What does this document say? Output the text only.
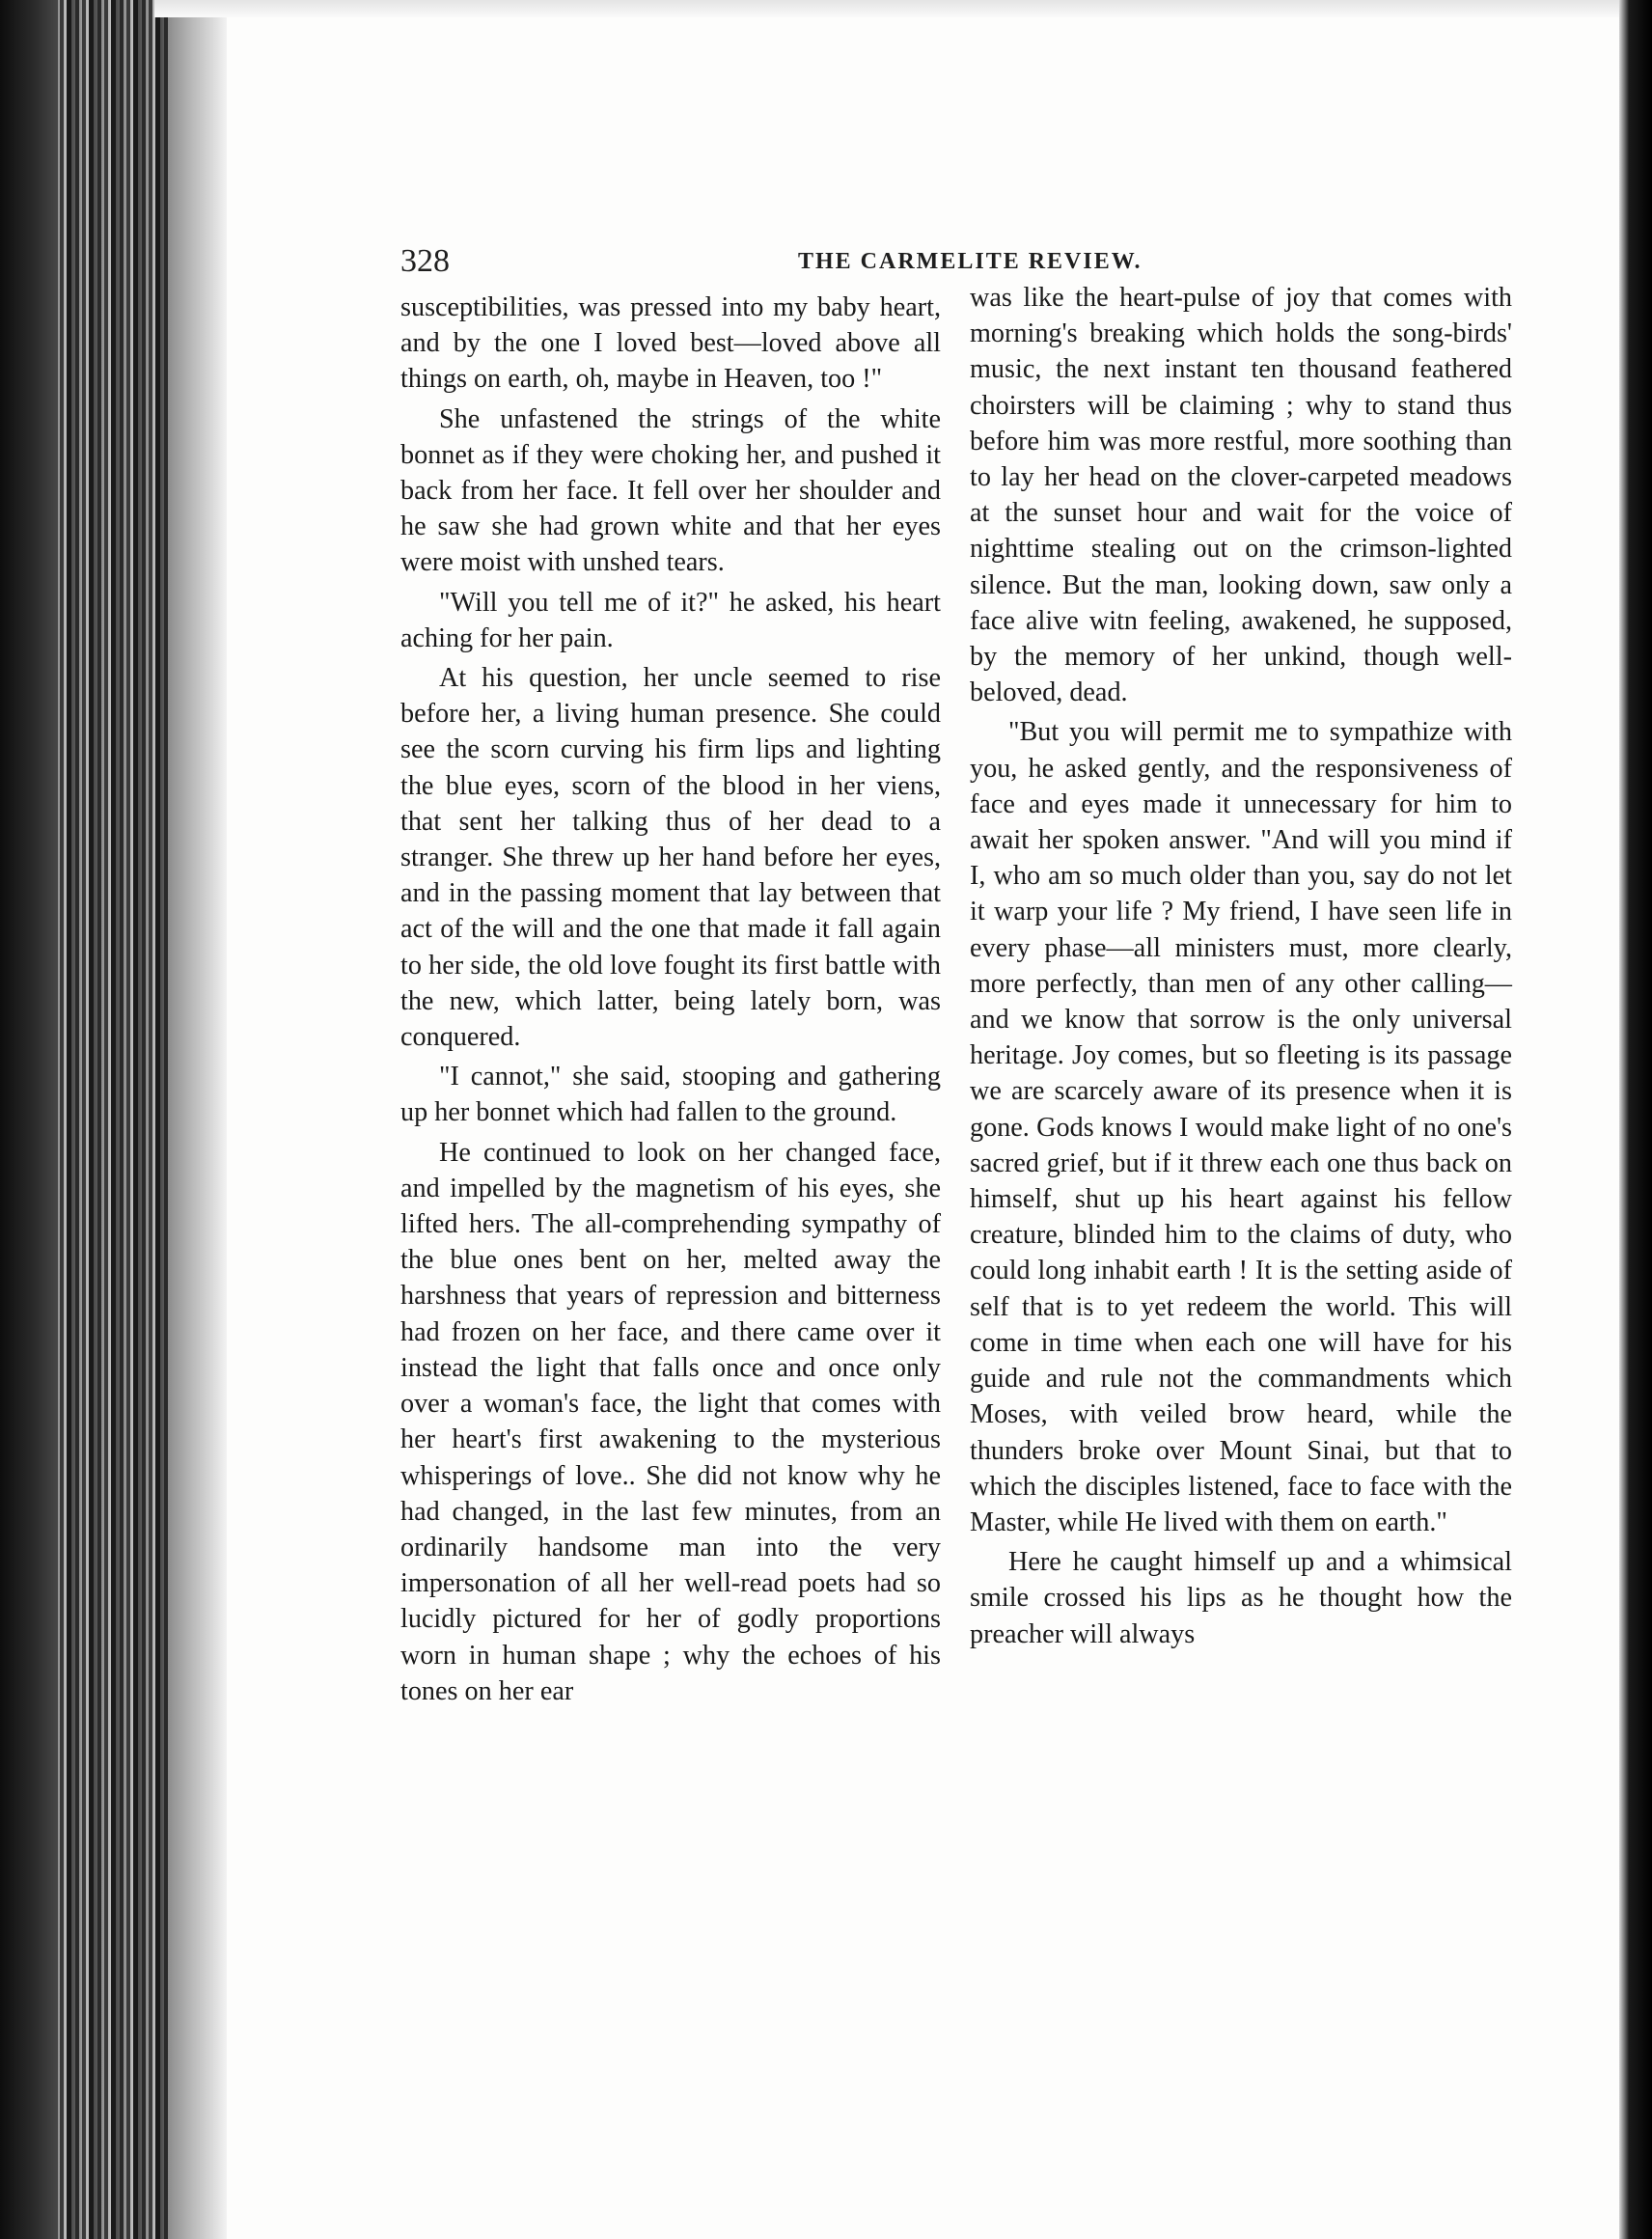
328	THE CARMELITE REVIEW.

susceptibilities, was pressed into my baby heart, and by the one I loved best—loved above all things on earth, oh, maybe in Heaven, too !"

She unfastened the strings of the white bonnet as if they were choking her, and pushed it back from her face. It fell over her shoulder and he saw she had grown white and that her eyes were moist with unshed tears.

"Will you tell me of it?" he asked, his heart aching for her pain.

At his question, her uncle seemed to rise before her, a living human presence. She could see the scorn curving his firm lips and lighting the blue eyes, scorn of the blood in her viens, that sent her talking thus of her dead to a stranger. She threw up her hand before her eyes, and in the passing moment that lay between that act of the will and the one that made it fall again to her side, the old love fought its first battle with the new, which latter, being lately born, was conquered.

"I cannot," she said, stooping and gathering up her bonnet which had fallen to the ground.

He continued to look on her changed face, and impelled by the magnetism of his eyes, she lifted hers. The all-comprehending sympathy of the blue ones bent on her, melted away the harshness that years of repression and bitterness had frozen on her face, and there came over it instead the light that falls once and once only over a woman's face, the light that comes with her heart's first awakening to the mysterious whisperings of love.. She did not know why he had changed, in the last few minutes, from an ordinarily handsome man into the very impersonation of all her well-read poets had so lucidly pictured for her of godly proportions worn in human shape ; why the echoes of his tones on her ear

was like the heart-pulse of joy that comes with morning's breaking which holds the song-birds' music, the next instant ten thousand feathered choirsters will be claiming ; why to stand thus before him was more restful, more soothing than to lay her head on the clover-carpeted meadows at the sunset hour and wait for the voice of nighttime stealing out on the crimson-lighted silence. But the man, looking down, saw only a face alive witn feeling, awakened, he supposed, by the memory of her unkind, though well-beloved, dead.

"But you will permit me to sympathize with you, he asked gently, and the responsiveness of face and eyes made it unnecessary for him to await her spoken answer. "And will you mind if I, who am so much older than you, say do not let it warp your life ? My friend, I have seen life in every phase—all ministers must, more clearly, more perfectly, than men of any other calling—and we know that sorrow is the only universal heritage. Joy comes, but so fleeting is its passage we are scarcely aware of its presence when it is gone. Gods knows I would make light of no one's sacred grief, but if it threw each one thus back on himself, shut up his heart against his fellow creature, blinded him to the claims of duty, who could long inhabit earth ! It is the setting aside of self that is to yet redeem the world. This will come in time when each one will have for his guide and rule not the commandments which Moses, with veiled brow heard, while the thunders broke over Mount Sinai, but that to which the disciples listened, face to face with the Master, while He lived with them on earth."

Here he caught himself up and a whimsical smile crossed his lips as he thought how the preacher will always
